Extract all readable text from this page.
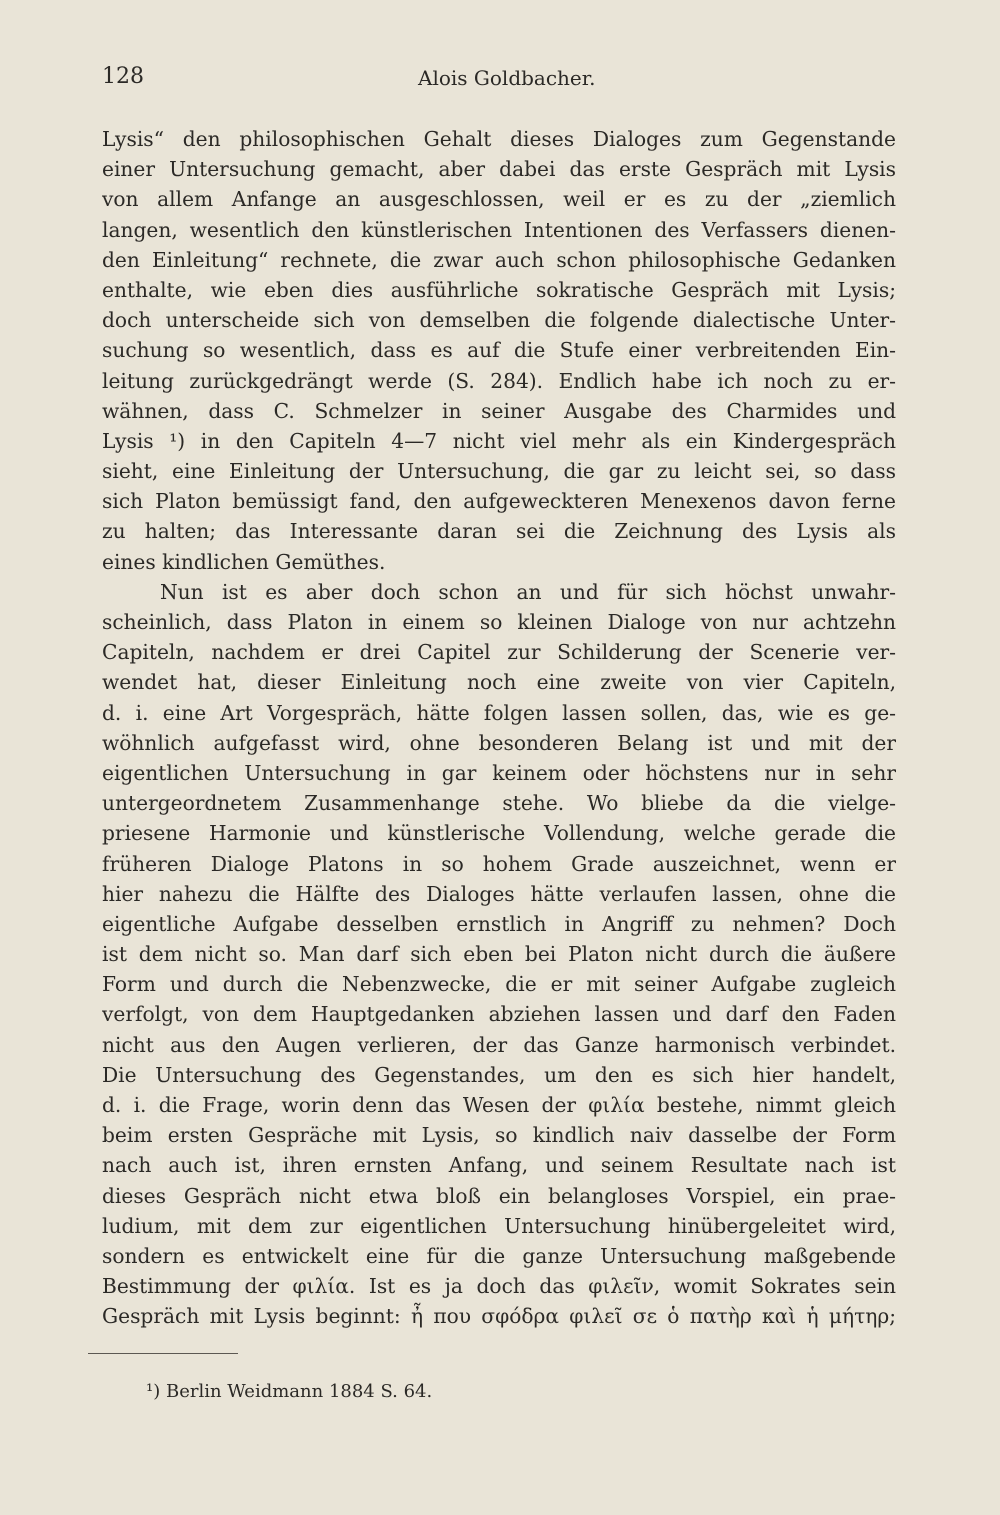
128	Alois Goldbacher.
Lysis“ den philosophischen Gehalt dieses Dialoges zum Gegenstande
einer Untersuchung gemacht, aber dabei das erste Gespräch mit Lysis
von allem Anfange an ausgeschlossen, weil er es zu der „ziemlich
langen, wesentlich den künstlerischen Intentionen des Verfassers dienen-
den Einleitung“ rechnete, die zwar auch schon philosophische Gedanken
enthalte, wie eben dies ausführliche sokratische Gespräch mit Lysis;
doch unterscheide sich von demselben die folgende dialectische Unter-
suchung so wesentlich, dass es auf die Stufe einer verbreitenden Ein-
leitung zurückgedrängt werde (S. 284). Endlich habe ich noch zu er-
wähnen, dass C. Schmelzer in seiner Ausgabe des Charmides und
Lysis ¹) in den Capiteln 4—7 nicht viel mehr als ein Kindergespräch
sieht, eine Einleitung der Untersuchung, die gar zu leicht sei, so dass
sich Platon bemüssigt fand, den aufgeweckteren Menexenos davon ferne
zu halten; das Interessante daran sei die Zeichnung des Lysis als
eines kindlichen Gemüthes.
Nun ist es aber doch schon an und für sich höchst unwahr-
scheinlich, dass Platon in einem so kleinen Dialoge von nur achtzehn
Capiteln, nachdem er drei Capitel zur Schilderung der Scenerie ver-
wendet hat, dieser Einleitung noch eine zweite von vier Capiteln,
d. i. eine Art Vorgespräch, hätte folgen lassen sollen, das, wie es ge-
wöhnlich aufgefasst wird, ohne besonderen Belang ist und mit der
eigentlichen Untersuchung in gar keinem oder höchstens nur in sehr
untergeordnetem Zusammenhange stehe. Wo bliebe da die vielge-
priesene Harmonie und künstlerische Vollendung, welche gerade die
früheren Dialoge Platons in so hohem Grade auszeichnet, wenn er
hier nahezu die Hälfte des Dialoges hätte verlaufen lassen, ohne die
eigentliche Aufgabe desselben ernstlich in Angriff zu nehmen? Doch
ist dem nicht so. Man darf sich eben bei Platon nicht durch die äußere
Form und durch die Nebenzwecke, die er mit seiner Aufgabe zugleich
verfolgt, von dem Hauptgedanken abziehen lassen und darf den Faden
nicht aus den Augen verlieren, der das Ganze harmonisch verbindet.
Die Untersuchung des Gegenstandes, um den es sich hier handelt,
d. i. die Frage, worin denn das Wesen der φιλία bestehe, nimmt gleich
beim ersten Gespräche mit Lysis, so kindlich naiv dasselbe der Form
nach auch ist, ihren ernsten Anfang, und seinem Resultate nach ist
dieses Gespräch nicht etwa bloß ein belangloses Vorspiel, ein prae-
ludium, mit dem zur eigentlichen Untersuchung hinübergeleitet wird,
sondern es entwickelt eine für die ganze Untersuchung maßgebende
Bestimmung der φιλία. Ist es ja doch das φιλεῖν, womit Sokrates sein
Gespräch mit Lysis beginnt: ἦ που σφόδρα φιλεῖ σε ὁ πατὴρ καὶ ἡ μήτηρ;
¹) Berlin Weidmann 1884 S. 64.
